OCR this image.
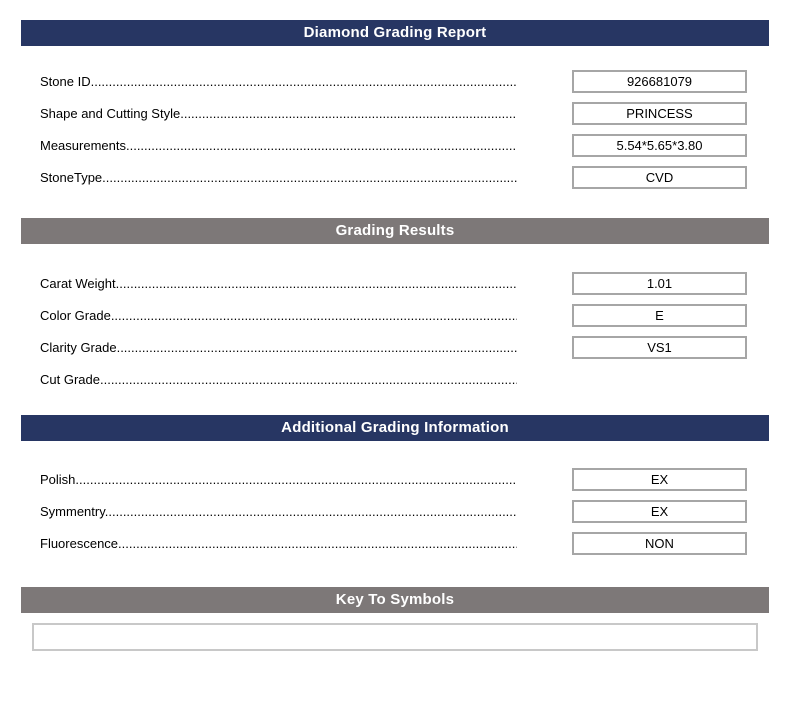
Diamond Grading Report
Stone ID .....	926681079
Shape and Cutting Style .....	PRINCESS
Measurements .....	5.54*5.65*3.80
StoneType .....	CVD
Grading Results
Carat Weight .....	1.01
Color Grade .....	E
Clarity Grade .....	VS1
Cut Grade .....
Additional Grading Information
Polish .....	EX
Symmentry .....	EX
Fluorescence .....	NON
Key To Symbols
